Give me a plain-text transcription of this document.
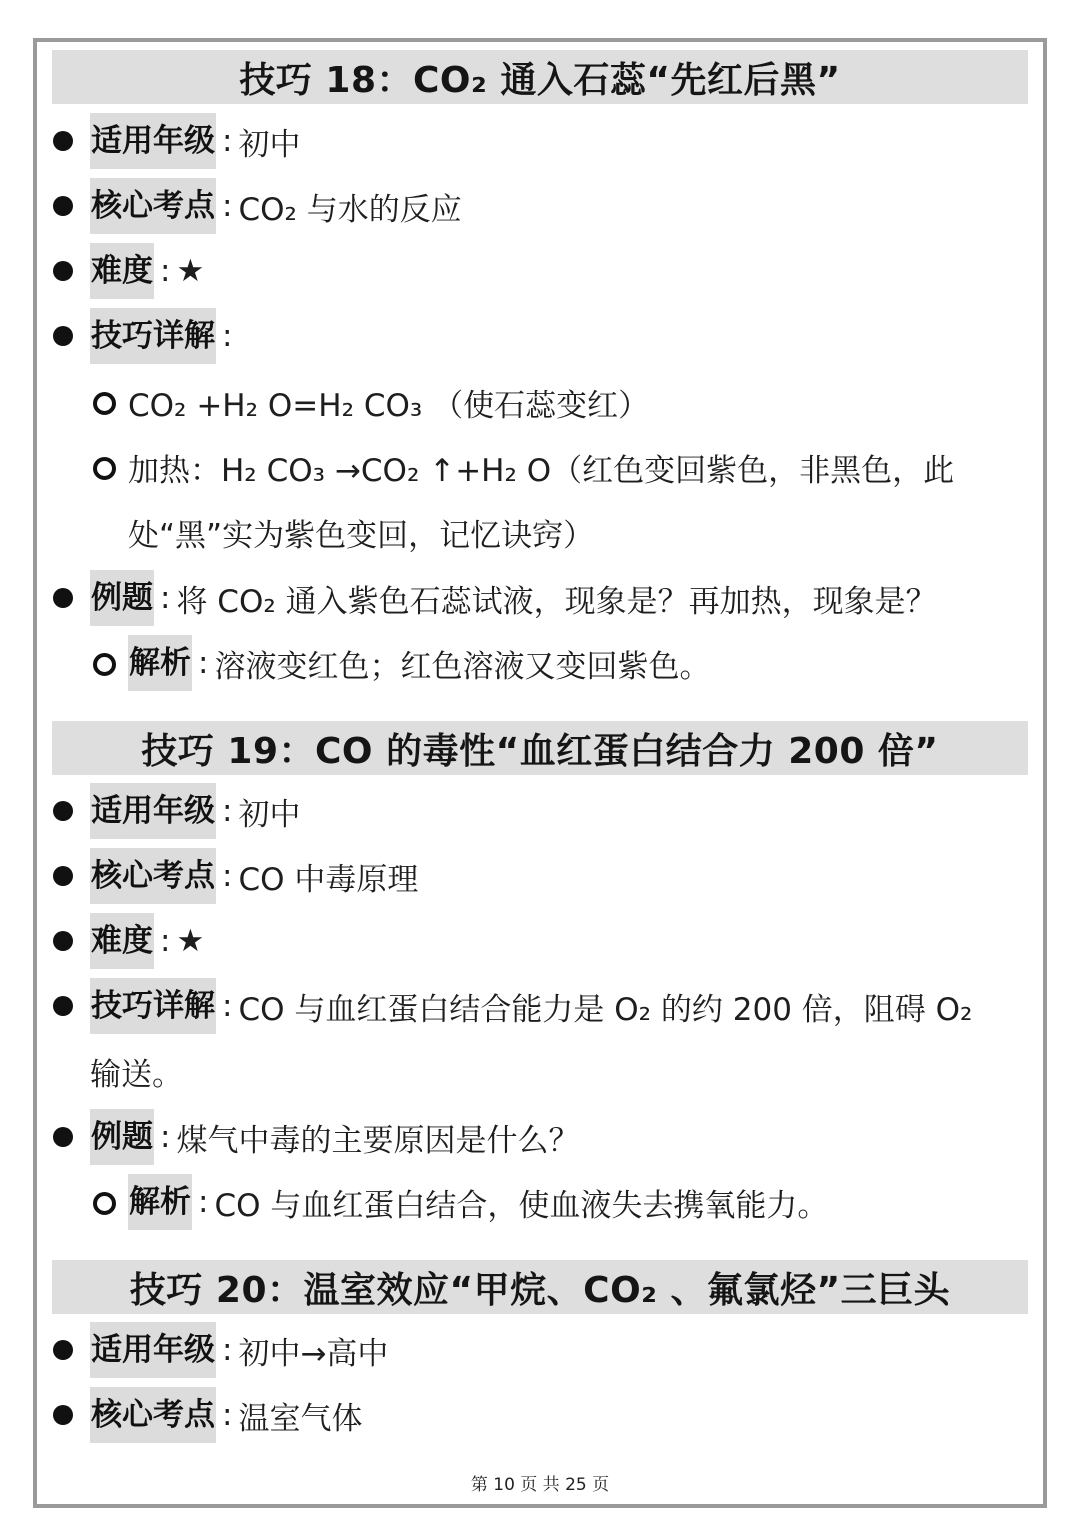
技巧 18：CO₂ 通入石蕊“先红后黑”
适用年级 : 初中
核心考点 : CO₂ 与水的反应
难度 : ★
技巧详解 :
CO₂ +H₂ O=H₂ CO₃ （使石蕊变红）
加热：H₂ CO₃ →CO₂ ↑+H₂ O（红色变回紫色，非黑色，此
处“黑”实为紫色变回，记忆诀窍）
例题 : 将 CO₂ 通入紫色石蕊试液，现象是？再加热，现象是？
解析 : 溶液变红色；红色溶液又变回紫色。
技巧 19：CO 的毒性“血红蛋白结合力 200 倍”
适用年级 : 初中
核心考点 : CO 中毒原理
难度 : ★
技巧详解 : CO 与血红蛋白结合能力是 O₂ 的约 200 倍，阻碍 O₂
输送。
例题 : 煤气中毒的主要原因是什么？
解析 : CO 与血红蛋白结合，使血液失去携氧能力。
技巧 20：温室效应“甲烷、CO₂ 、氟氯烃”三巨头
适用年级 : 初中→高中
核心考点 : 温室气体
第 10 页 共 25 页
